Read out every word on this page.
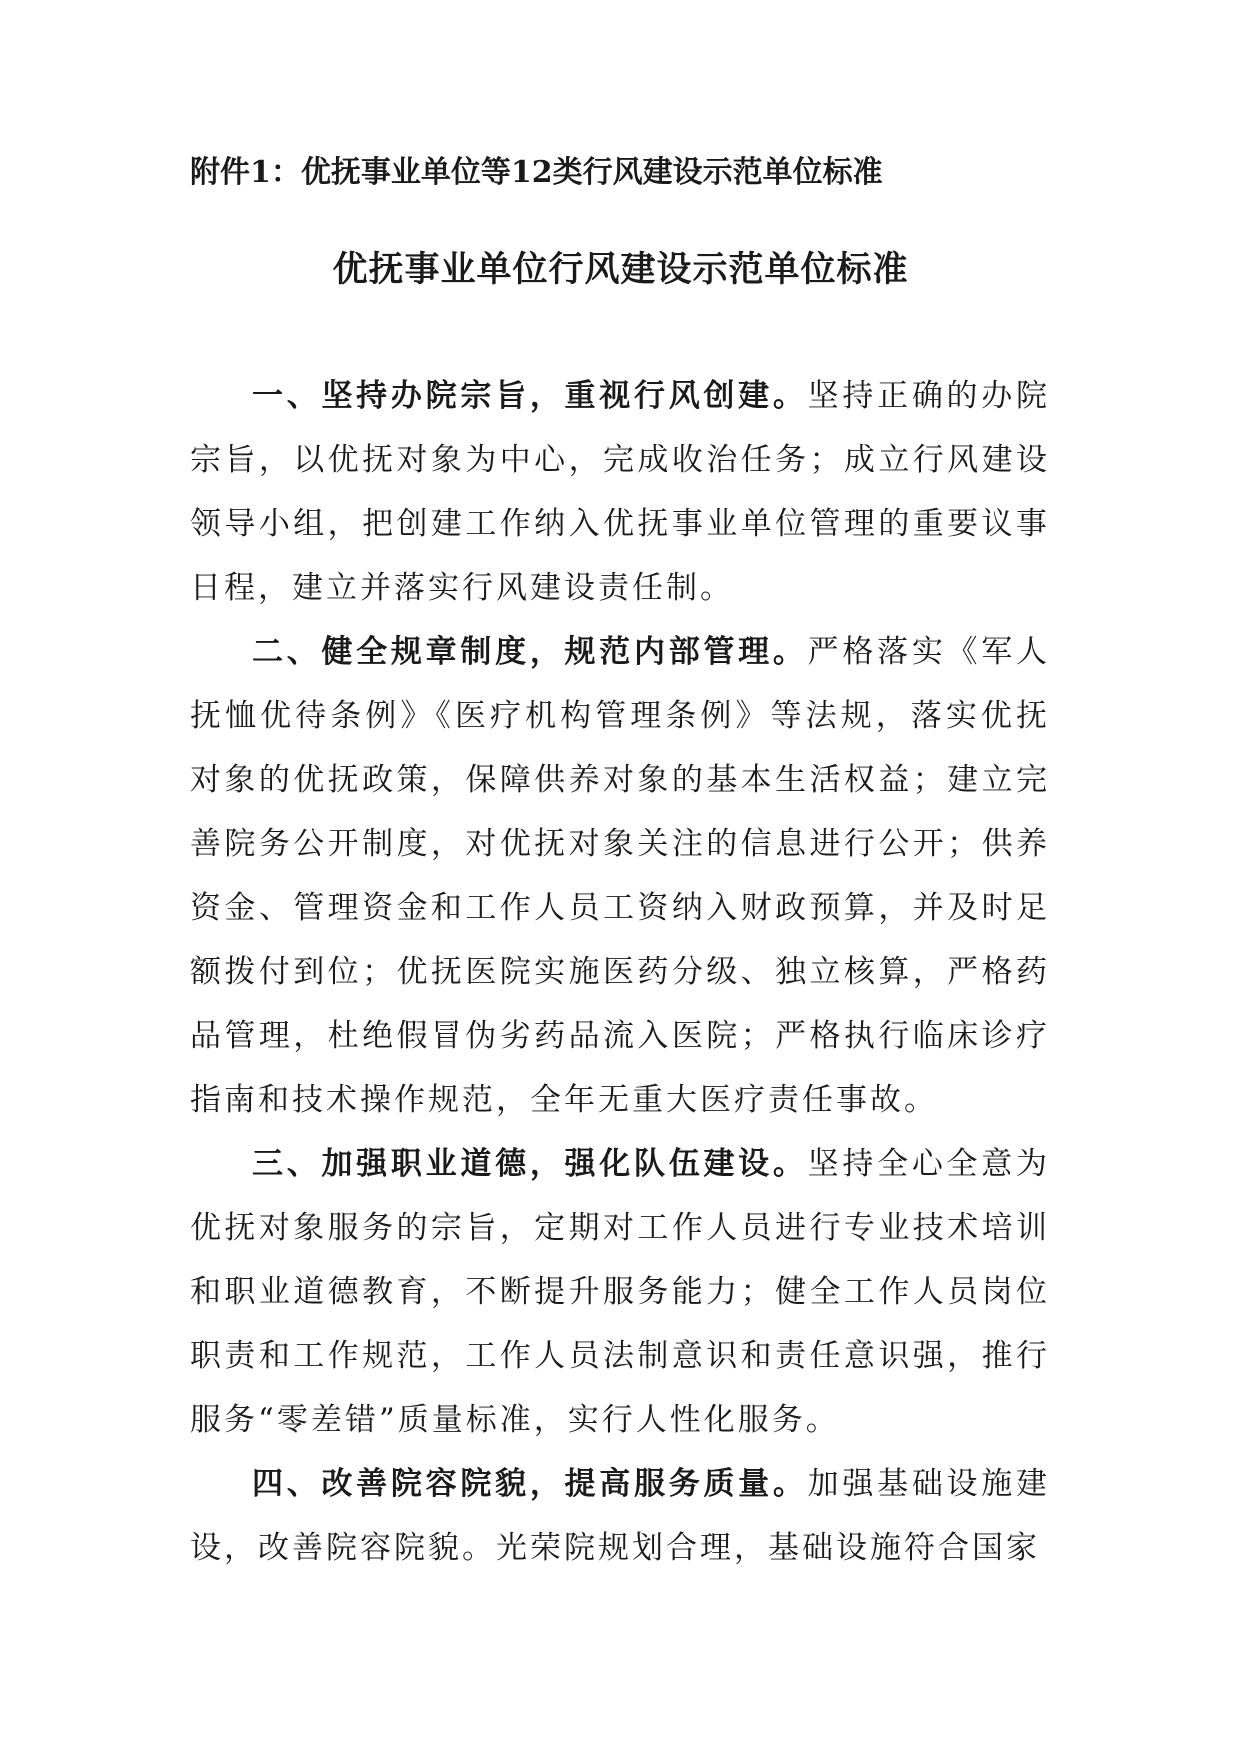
附件1：优抚事业单位等12类行风建设示范单位标准
优抚事业单位行风建设示范单位标准

一、坚持办院宗旨，重视行风创建。坚持正确的办院宗旨，以优抚对象为中心，完成收治任务；成立行风建设领导小组，把创建工作纳入优抚事业单位管理的重要议事日程，建立并落实行风建设责任制。

二、健全规章制度，规范内部管理。严格落实《军人抚恤优待条例》《医疗机构管理条例》等法规，落实优抚对象的优抚政策，保障供养对象的基本生活权益；建立完善院务公开制度，对优抚对象关注的信息进行公开；供养资金、管理资金和工作人员工资纳入财政预算，并及时足额拨付到位；优抚医院实施医药分级、独立核算，严格药品管理，杜绝假冒伪劣药品流入医院；严格执行临床诊疗指南和技术操作规范，全年无重大医疗责任事故。

三、加强职业道德，强化队伍建设。坚持全心全意为优抚对象服务的宗旨，定期对工作人员进行专业技术培训和职业道德教育，不断提升服务能力；健全工作人员岗位职责和工作规范，工作人员法制意识和责任意识强，推行服务“零差错”质量标准，实行人性化服务。

四、改善院容院貌，提高服务质量。加强基础设施建设，改善院容院貌。光荣院规划合理，基础设施符合国家
